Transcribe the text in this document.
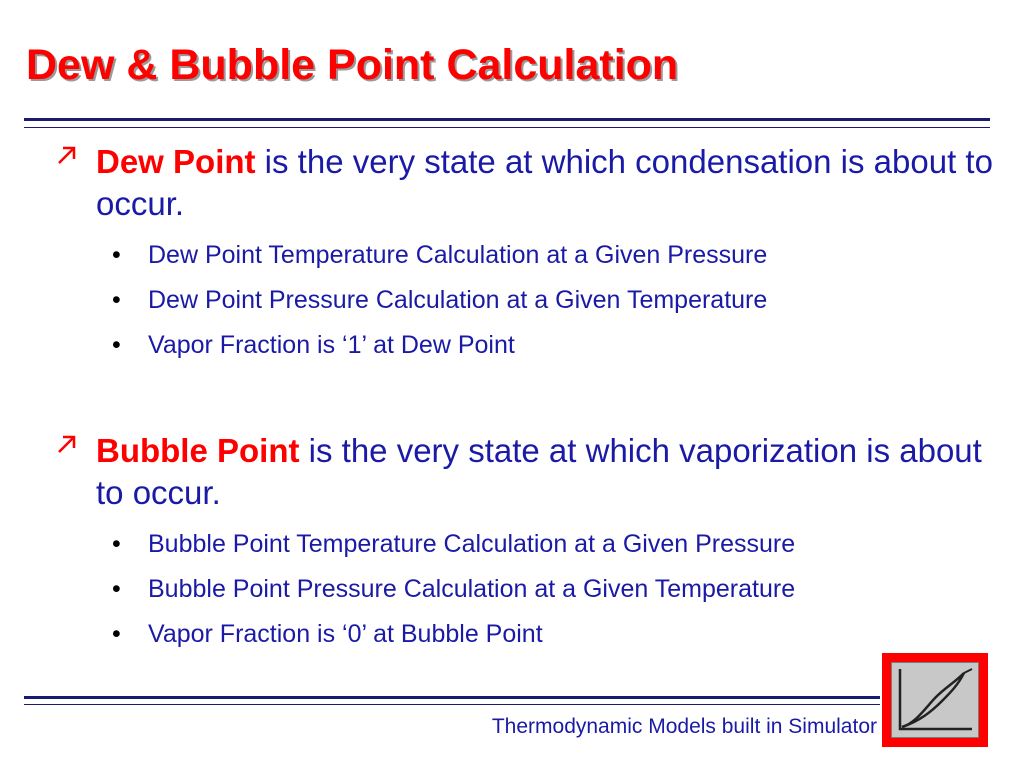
Dew & Bubble Point Calculation
Dew Point is the very state at which condensation is about to occur.
• Dew Point Temperature Calculation at a Given Pressure
• Dew Point Pressure Calculation at a Given Temperature
• Vapor Fraction is ‘1’ at Dew Point
Bubble Point is the very state at which vaporization is about to occur.
• Bubble Point Temperature Calculation at a Given Pressure
• Bubble Point Pressure Calculation at a Given Temperature
• Vapor Fraction is ‘0’ at Bubble Point
Thermodynamic Models built in Simulator
